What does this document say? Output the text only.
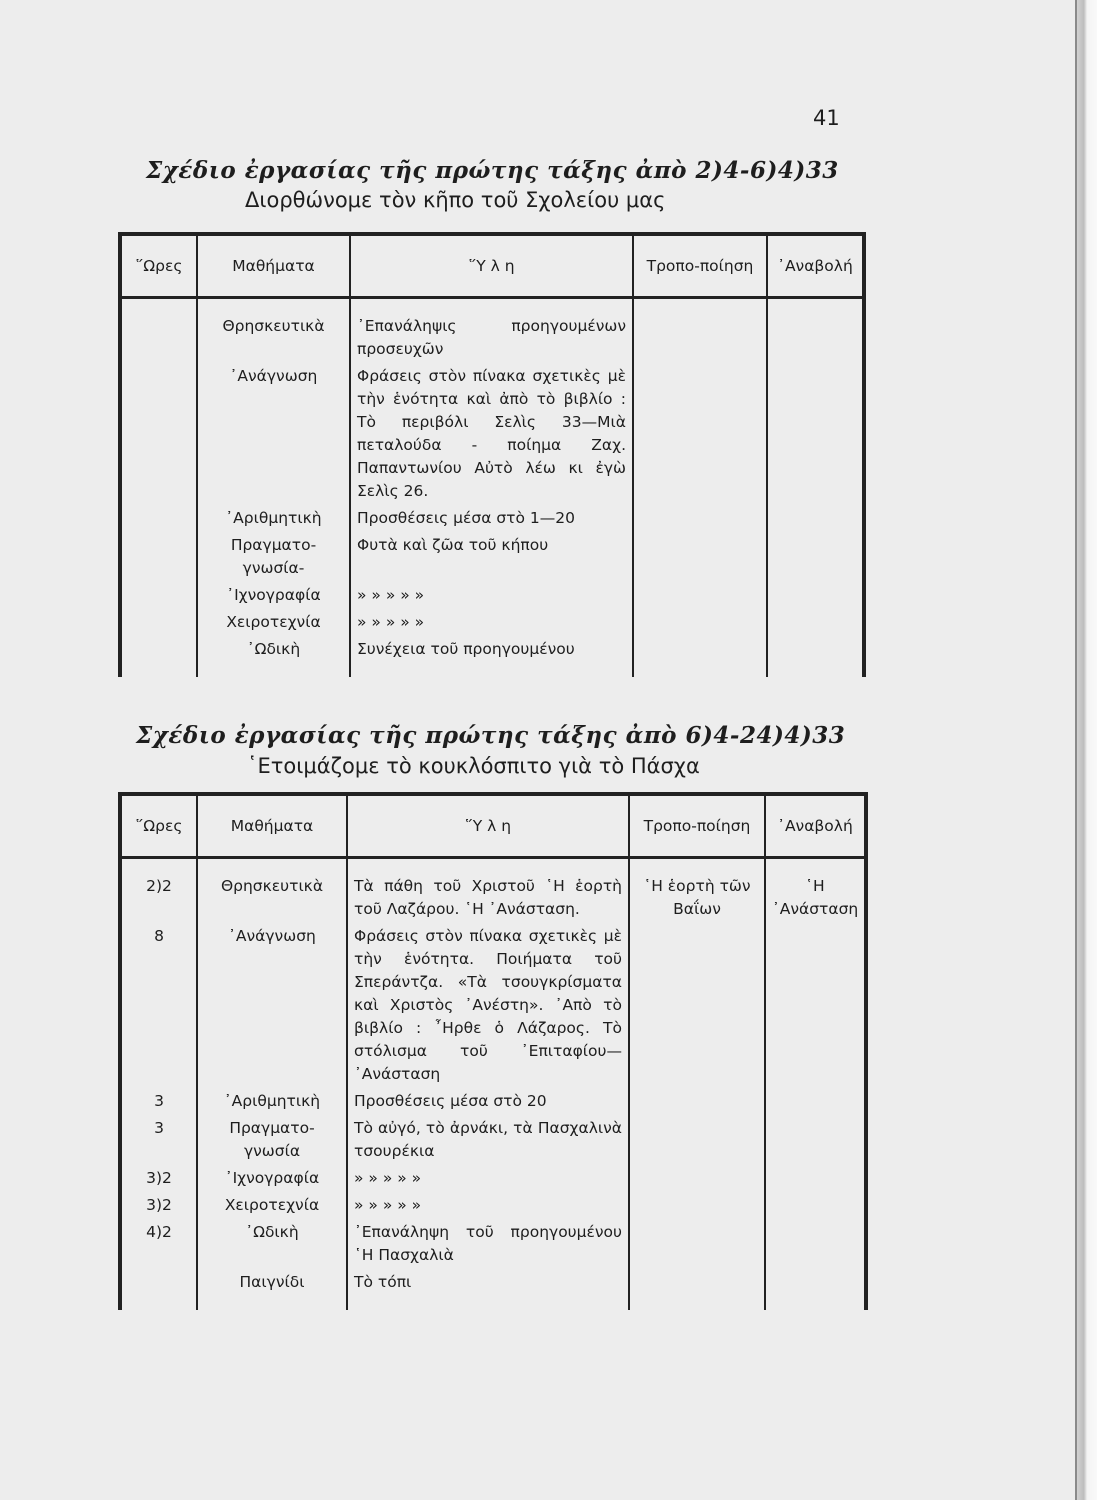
41
Σχέδιο ἐργασίας τῆς πρώτης τάξης ἀπὸ 2)4-6)4)33
Διορθώνομε τὸν κῆπο τοῦ Σχολείου μας
῞Ωρες	Μαθήματα	῞Υ λ η	Τροπο-ποίηση	᾽Αναβολή

	Θρησκευτικὰ	᾽Επανάληψις προηγουμένων προσευχῶν		
	᾽Ανάγνωση	Φράσεις στὸν πίνακα σχετικὲς μὲ τὴν ἑνότητα καὶ ἀπὸ τὸ βιβλίο : Τὸ περιβόλι Σελὶς 33—Μιὰ πεταλούδα - ποίημα Ζαχ. Παπαντωνίου Αὐτὸ λέω κι ἐγὼ Σελὶς 26.		
	᾽Αριθμητικὴ	Προσθέσεις μέσα στὸ 1—20		
	Πραγματο-γνωσία-	Φυτὰ καὶ ζῶα τοῦ κήπου		
	᾽Ιχνογραφία	» » » » »		
	Χειροτεχνία	» » » » »		
	᾽Ωδικὴ	Συνέχεια τοῦ προηγουμένου		

Σχέδιο ἐργασίας τῆς πρώτης τάξης ἀπὸ 6)4-24)4)33
῾Ετοιμάζομε τὸ κουκλόσπιτο γιὰ τὸ Πάσχα
῞Ωρες	Μαθήματα	῞Υ λ η	Τροπο-ποίηση	᾽Αναβολή

2)2	Θρησκευτικὰ	Τὰ πάθη τοῦ Χριστοῦ ῾Η ἑορτὴ τοῦ Λαζάρου. ῾Η ᾽Ανάσταση.	῾Η ἑορτὴ τῶν Βαΐων	῾Η ᾽Ανάσταση
8	᾽Ανάγνωση	Φράσεις στὸν πίνακα σχετικὲς μὲ τὴν ἑνότητα. Ποιήματα τοῦ Σπεράντζα. «Τὰ τσουγκρίσματα καὶ Χριστὸς ᾽Ανέστη». ᾽Απὸ τὸ βιβλίο : ῏Ηρθε ὁ Λάζαρος. Τὸ στόλισμα τοῦ ᾽Επιταφίου— ᾽Ανάσταση		
3	᾽Αριθμητικὴ	Προσθέσεις μέσα στὸ 20		
3	Πραγματο-γνωσία	Τὸ αὐγό, τὸ ἀρνάκι, τὰ Πασχαλινὰ τσουρέκια		
3)2	᾽Ιχνογραφία	» » » » »		
3)2	Χειροτεχνία	» » » » »		
4)2	᾽Ωδικὴ	᾽Επανάληψη τοῦ προηγουμένου ῾Η Πασχαλιὰ		
	Παιγνίδι	Τὸ τόπι		
